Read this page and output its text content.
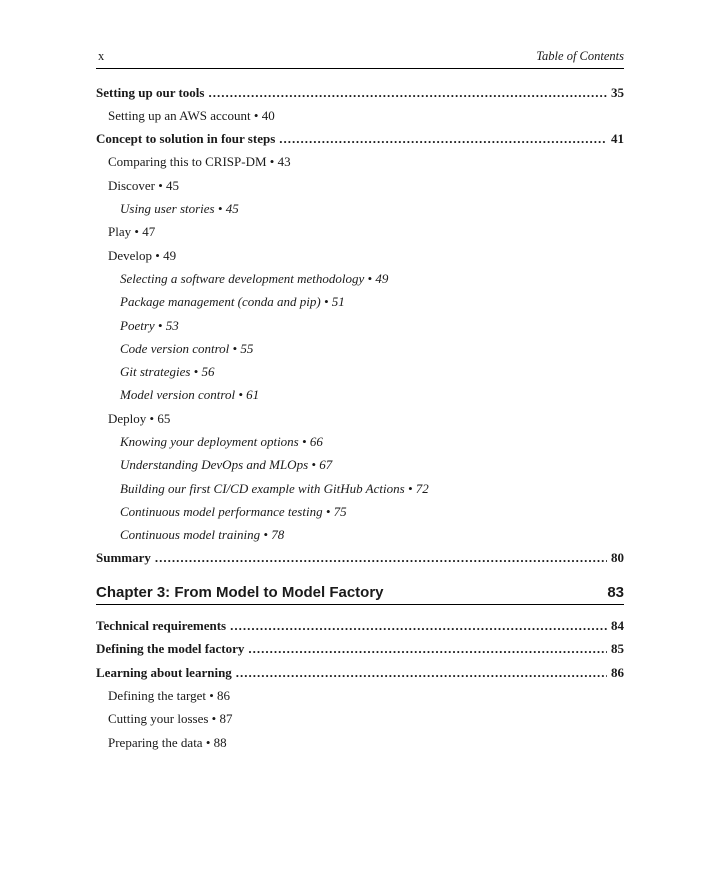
x	Table of Contents
Setting up our tools .....	35
Setting up an AWS account • 40
Concept to solution in four steps .....	41
Comparing this to CRISP-DM • 43
Discover • 45
Using user stories • 45
Play • 47
Develop • 49
Selecting a software development methodology • 49
Package management (conda and pip) • 51
Poetry • 53
Code version control • 55
Git strategies • 56
Model version control • 61
Deploy • 65
Knowing your deployment options • 66
Understanding DevOps and MLOps • 67
Building our first CI/CD example with GitHub Actions • 72
Continuous model performance testing • 75
Continuous model training • 78
Summary .....	80
Chapter 3: From Model to Model Factory	83
Technical requirements .....	84
Defining the model factory .....	85
Learning about learning .....	86
Defining the target • 86
Cutting your losses • 87
Preparing the data • 88
